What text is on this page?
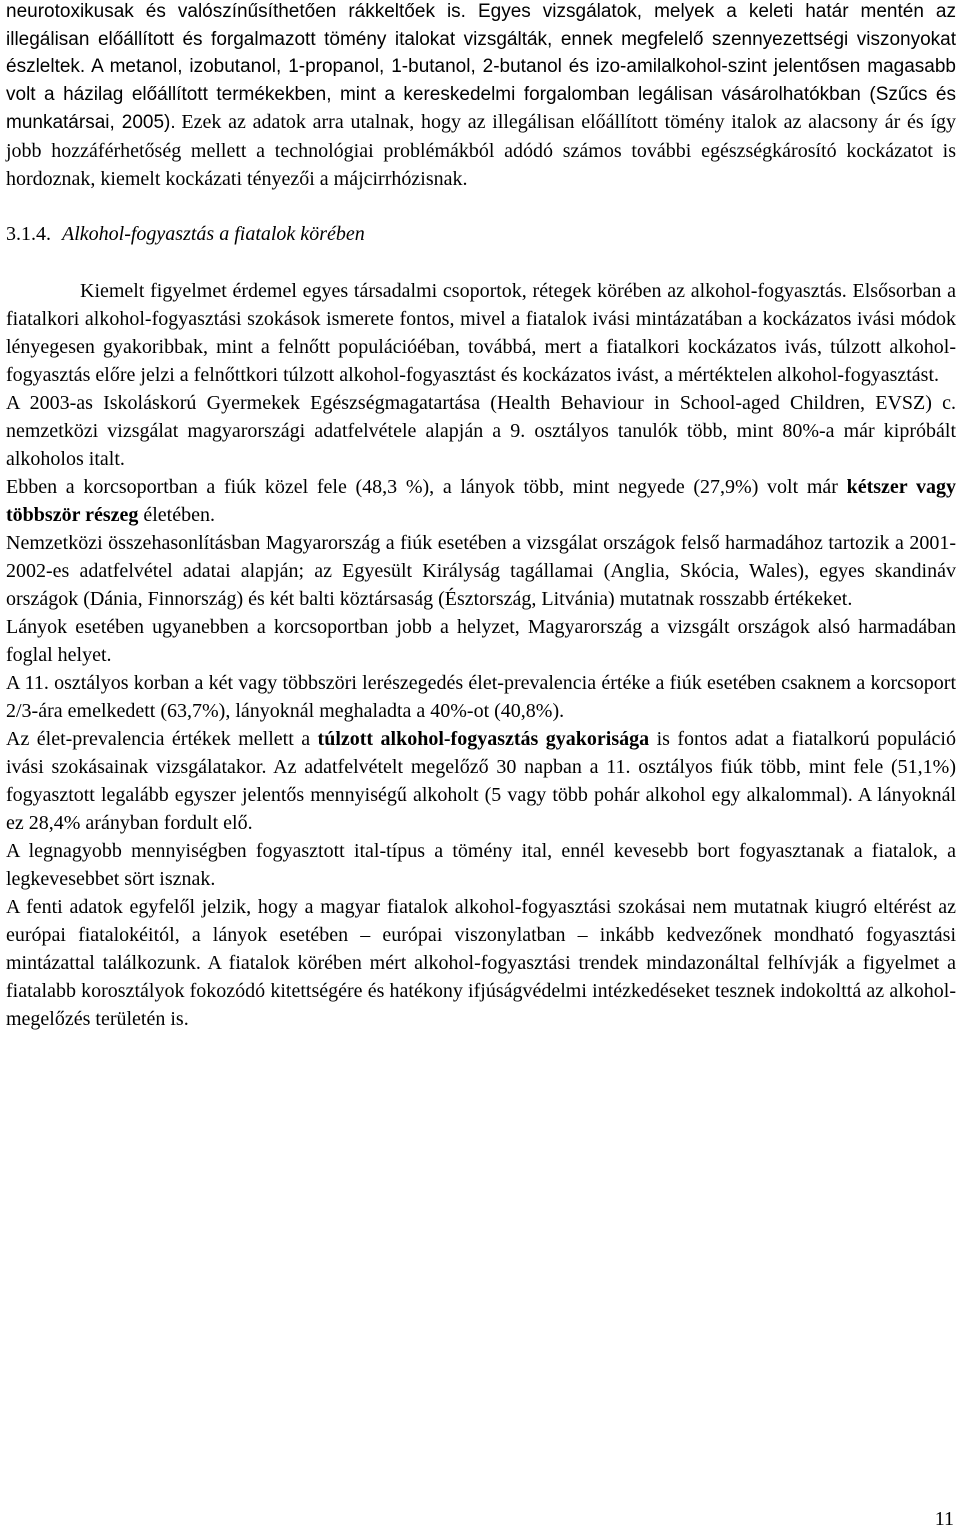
neurotoxikusak és valószínűsíthetően rákkeltőek is. Egyes vizsgálatok, melyek a keleti határ mentén az illegálisan előállított és forgalmazott tömény italokat vizsgálták, ennek megfelelő szennyezettségi viszonyokat észleltek. A metanol, izobutanol, 1-propanol, 1-butanol, 2-butanol és izo-amilalkohol-szint jelentősen magasabb volt a házilag előállított termékekben, mint a kereskedelmi forgalomban legálisan vásárolhatókban (Szűcs és munkatársai, 2005). Ezek az adatok arra utalnak, hogy az illegálisan előállított tömény italok az alacsony ár és így jobb hozzáférhetőség mellett a technológiai problémákból adódó számos további egészségkárosító kockázatot is hordoznak, kiemelt kockázati tényezői a májcirrhózisnak.

3.1.4. Alkohol-fogyasztás a fiatalok körében

Kiemelt figyelmet érdemel egyes társadalmi csoportok, rétegek körében az alkohol-fogyasztás. Elsősorban a fiatalkori alkohol-fogyasztási szokások ismerete fontos, mivel a fiatalok ivási mintázatában a kockázatos ivási módok lényegesen gyakoribbak, mint a felnőtt populációéban, továbbá, mert a fiatalkori kockázatos ivás, túlzott alkohol-fogyasztás előre jelzi a felnőttkori túlzott alkohol-fogyasztást és kockázatos ivást, a mértéktelen alkohol-fogyasztást.

A 2003-as Iskoláskorú Gyermekek Egészségmagatartása (Health Behaviour in School-aged Children, EVSZ) c. nemzetközi vizsgálat magyarországi adatfelvétele alapján a 9. osztályos tanulók több, mint 80%-a már kipróbált alkoholos italt.

Ebben a korcsoportban a fiúk közel fele (48,3 %), a lányok több, mint negyede (27,9%) volt már kétszer vagy többször részeg életében.

Nemzetközi összehasonlításban Magyarország a fiúk esetében a vizsgálat országok felső harmadához tartozik a 2001-2002-es adatfelvétel adatai alapján; az Egyesült Királyság tagállamai (Anglia, Skócia, Wales), egyes skandináv országok (Dánia, Finnország) és két balti köztársaság (Észtország, Litvánia) mutatnak rosszabb értékeket.

Lányok esetében ugyanebben a korcsoportban jobb a helyzet, Magyarország a vizsgált országok alsó harmadában foglal helyet.

A 11. osztályos korban a két vagy többszöri lerészegedés élet-prevalencia értéke a fiúk esetében csaknem a korcsoport 2/3-ára emelkedett (63,7%), lányoknál meghaladta a 40%-ot (40,8%).

Az élet-prevalencia értékek mellett a túlzott alkohol-fogyasztás gyakorisága is fontos adat a fiatalkorú populáció ivási szokásainak vizsgálatakor. Az adatfelvételt megelőző 30 napban a 11. osztályos fiúk több, mint fele (51,1%) fogyasztott legalább egyszer jelentős mennyiségű alkoholt (5 vagy több pohár alkohol egy alkalommal). A lányoknál ez 28,4% arányban fordult elő.

A legnagyobb mennyiségben fogyasztott ital-típus a tömény ital, ennél kevesebb bort fogyasztanak a fiatalok, a legkevesebbet sört isznak.

A fenti adatok egyfelől jelzik, hogy a magyar fiatalok alkohol-fogyasztási szokásai nem mutatnak kiugró eltérést az európai fiatalokéitól, a lányok esetében – európai viszonylatban – inkább kedvezőnek mondható fogyasztási mintázattal találkozunk. A fiatalok körében mért alkohol-fogyasztási trendek mindazonáltal felhívják a figyelmet a fiatalabb korosztályok fokozódó kitettségére és hatékony ifjúságvédelmi intézkedéseket tesznek indokolttá az alkohol-megelőzés területén is.

11
